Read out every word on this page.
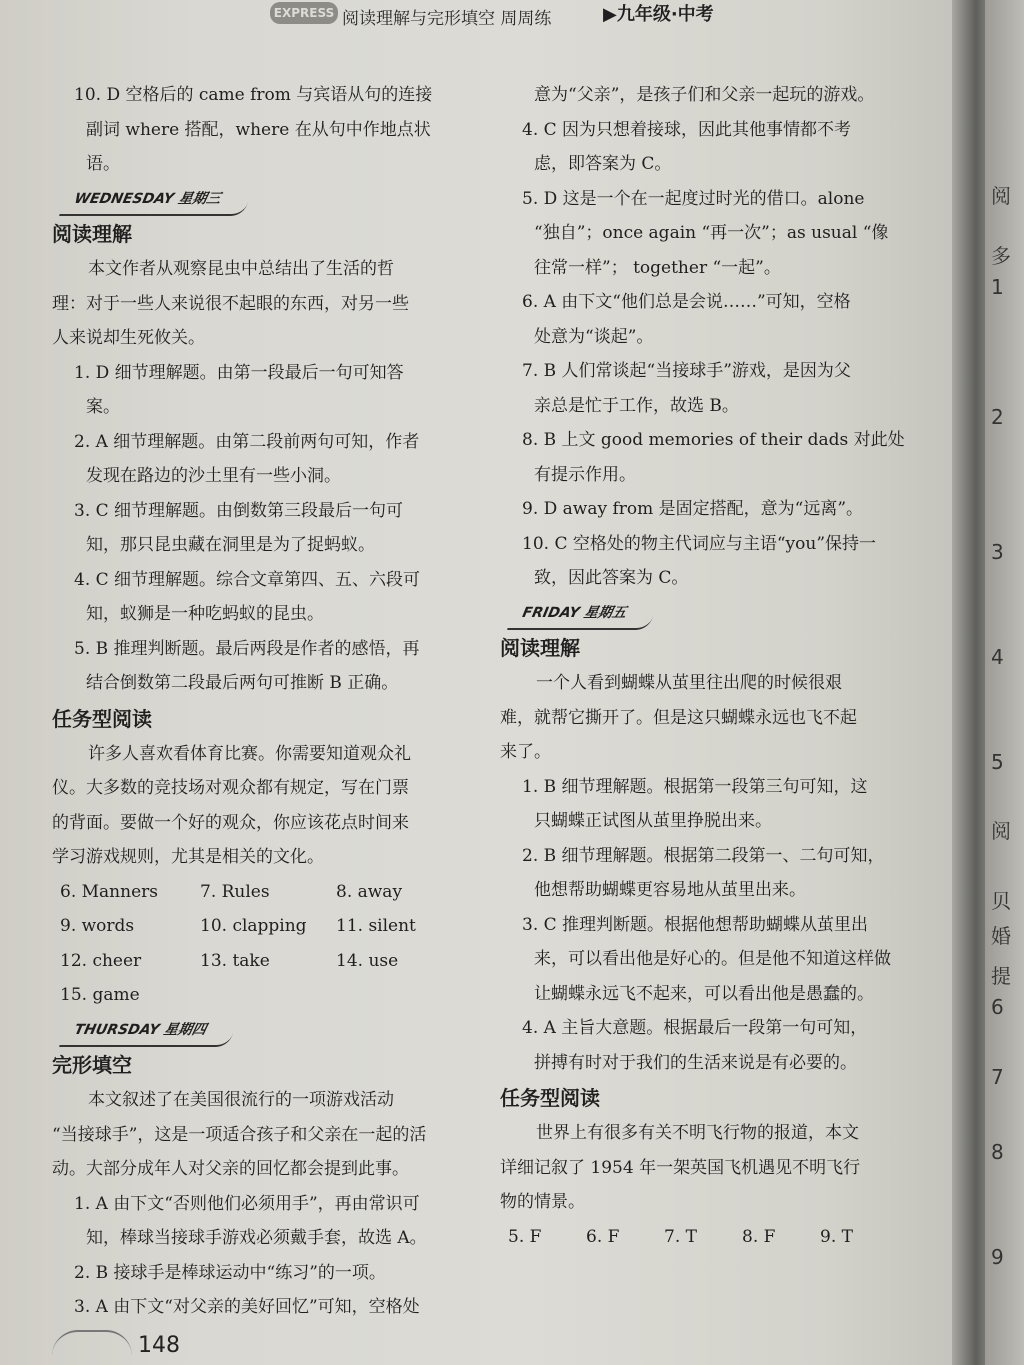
阅
多
1
2
3
4
5
阅
贝
婚
提
6
7
8
9
EXPRESS 阅读理解与完形填空 周周练	▶九年级·中考
10. D 空格后的 came from 与宾语从句的连接
副词 where 搭配，where 在从句中作地点状
语。
WEDNESDAY 星期三
阅读理解
本文作者从观察昆虫中总结出了生活的哲
理：对于一些人来说很不起眼的东西，对另一些
人来说却生死攸关。
1. D 细节理解题。由第一段最后一句可知答
案。
2. A 细节理解题。由第二段前两句可知，作者
发现在路边的沙土里有一些小洞。
3. C 细节理解题。由倒数第三段最后一句可
知，那只昆虫藏在洞里是为了捉蚂蚁。
4. C 细节理解题。综合文章第四、五、六段可
知，蚁狮是一种吃蚂蚁的昆虫。
5. B 推理判断题。最后两段是作者的感悟，再
结合倒数第二段最后两句可推断 B 正确。
任务型阅读
许多人喜欢看体育比赛。你需要知道观众礼
仪。大多数的竞技场对观众都有规定，写在门票
的背面。要做一个好的观众，你应该花点时间来
学习游戏规则，尤其是相关的文化。
6. Manners	7. Rules	8. away
9. words	10. clapping	11. silent
12. cheer	13. take	14. use
15. game
THURSDAY 星期四
完形填空
本文叙述了在美国很流行的一项游戏活动
“当接球手”，这是一项适合孩子和父亲在一起的活
动。大部分成年人对父亲的回忆都会提到此事。
1. A 由下文“否则他们必须用手”，再由常识可
知，棒球当接球手游戏必须戴手套，故选 A。
2. B 接球手是棒球运动中“练习”的一项。
3. A 由下文“对父亲的美好回忆”可知，空格处
意为“父亲”，是孩子们和父亲一起玩的游戏。
4. C 因为只想着接球，因此其他事情都不考
虑，即答案为 C。
5. D 这是一个在一起度过时光的借口。alone
“独自”；once again “再一次”；as usual “像
往常一样”； together “一起”。
6. A 由下文“他们总是会说……”可知，空格
处意为“谈起”。
7. B 人们常谈起“当接球手”游戏，是因为父
亲总是忙于工作，故选 B。
8. B 上文 good memories of their dads 对此处
有提示作用。
9. D away from 是固定搭配，意为“远离”。
10. C 空格处的物主代词应与主语“you”保持一
致，因此答案为 C。
FRIDAY 星期五
阅读理解
一个人看到蝴蝶从茧里往出爬的时候很艰
难，就帮它撕开了。但是这只蝴蝶永远也飞不起
来了。
1. B 细节理解题。根据第一段第三句可知，这
只蝴蝶正试图从茧里挣脱出来。
2. B 细节理解题。根据第二段第一、二句可知，
他想帮助蝴蝶更容易地从茧里出来。
3. C 推理判断题。根据他想帮助蝴蝶从茧里出
来，可以看出他是好心的。但是他不知道这样做
让蝴蝶永远飞不起来，可以看出他是愚蠢的。
4. A 主旨大意题。根据最后一段第一句可知，
拼搏有时对于我们的生活来说是有必要的。
任务型阅读
世界上有很多有关不明飞行物的报道，本文
详细记叙了 1954 年一架英国飞机遇见不明飞行
物的情景。
5. F	6. F	7. T	8. F	9. T
148
